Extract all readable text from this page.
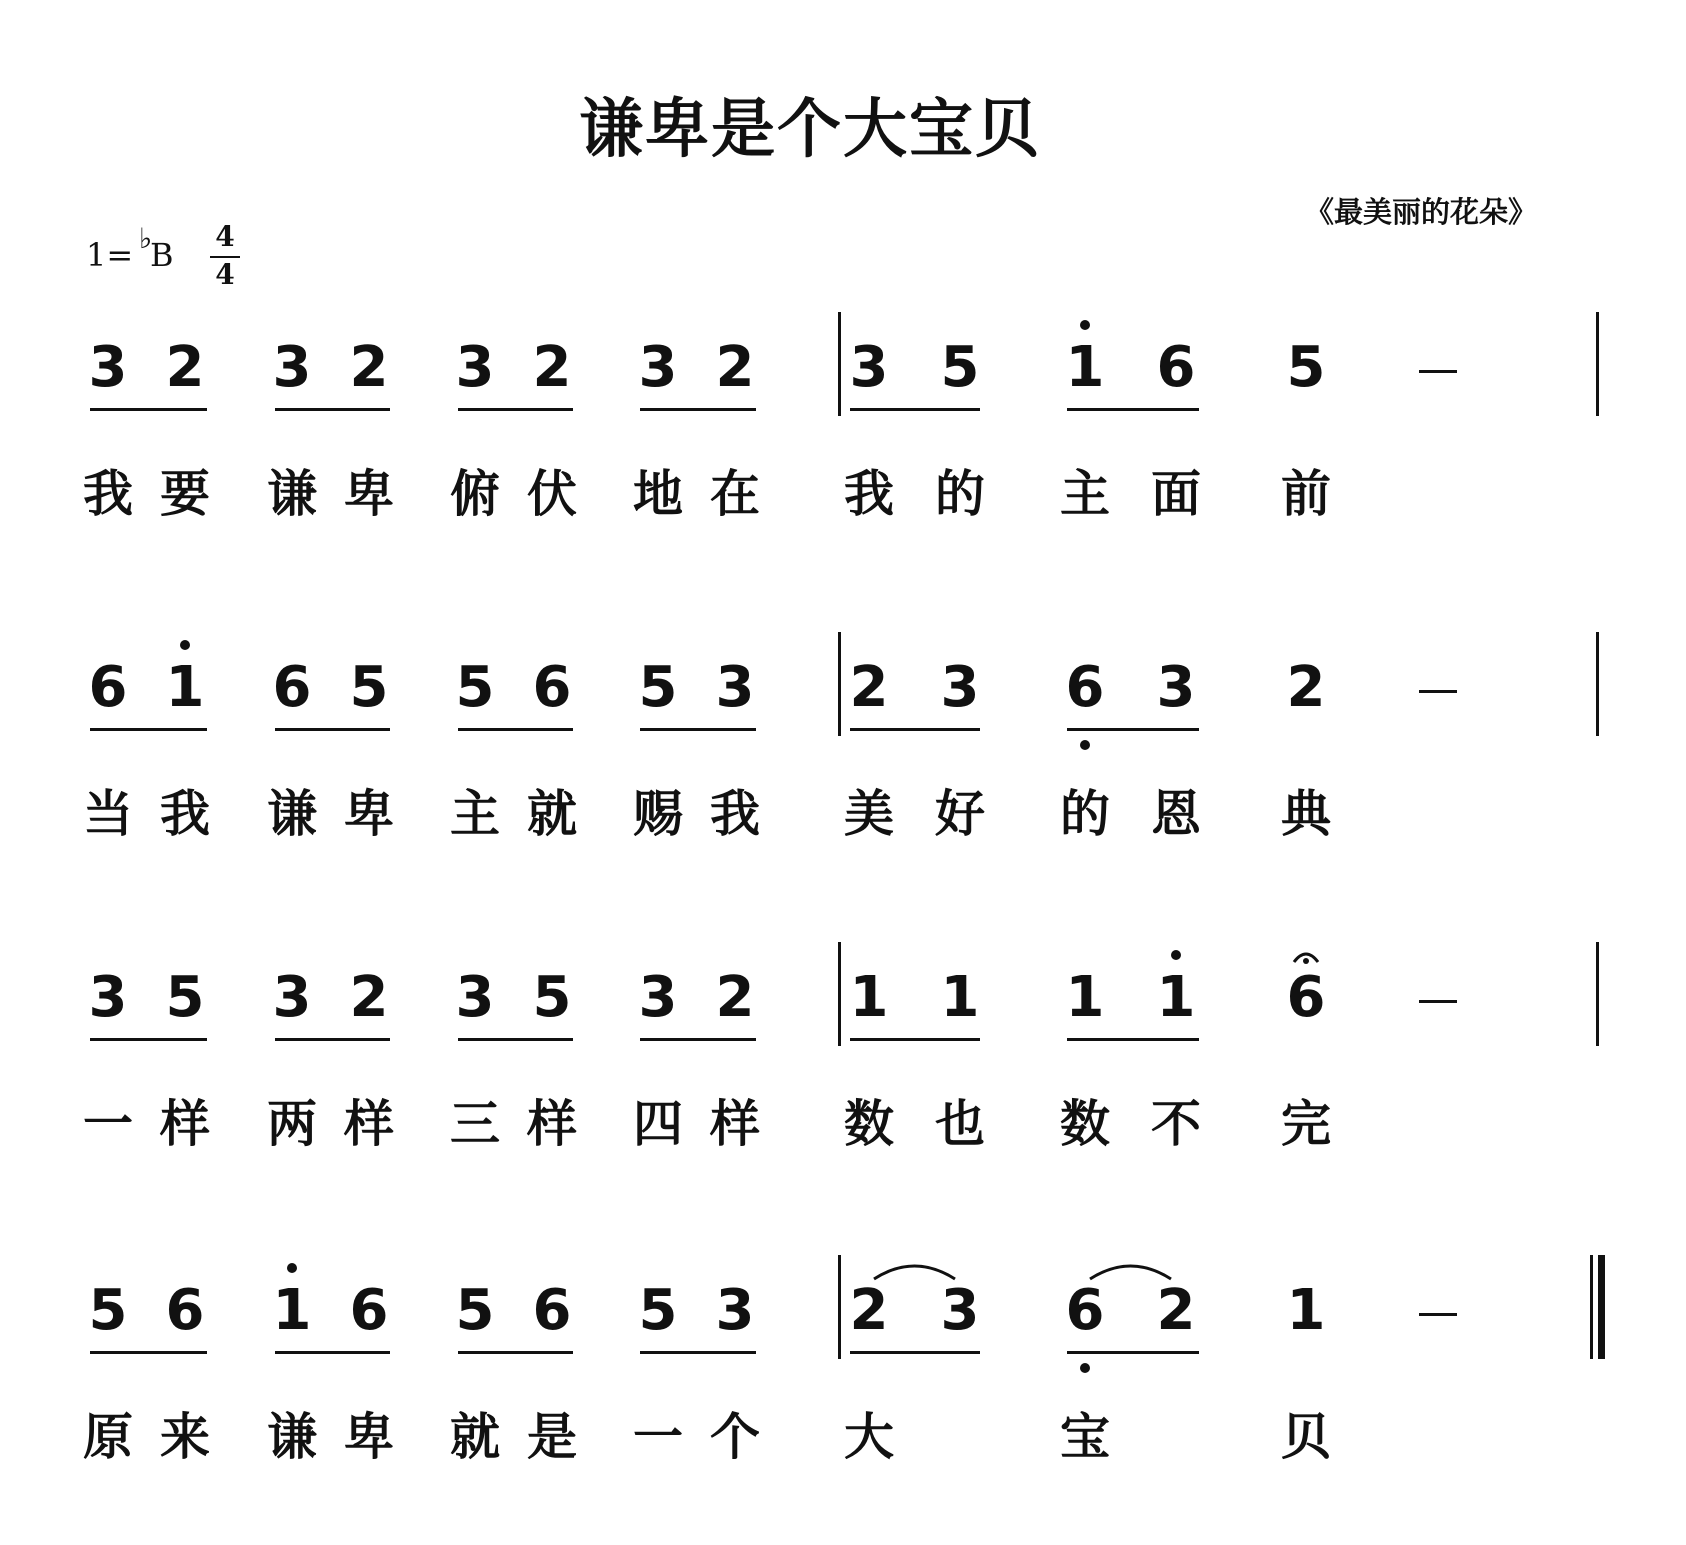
谦卑是个大宝贝
《最美丽的花朵》
1= ♭
B 4
4
3 2 3 2 3 2 3 2 3 5 1 6 5
我 要 谦 卑 俯 伏 地 在 我 的 主 面 前
6 1 6 5 5 6 5 3 2 3 6 3 2
当 我 谦 卑 主 就 赐 我 美 好 的 恩 典
3 5 3 2 3 5 3 2 1 1 1 1 6
一 样 两 样 三 样 四 样 数 也 数 不 完
5 6 1 6 5 6 5 3 2 3 6 2 1
原 来 谦 卑 就 是 一 个 大	宝	贝
